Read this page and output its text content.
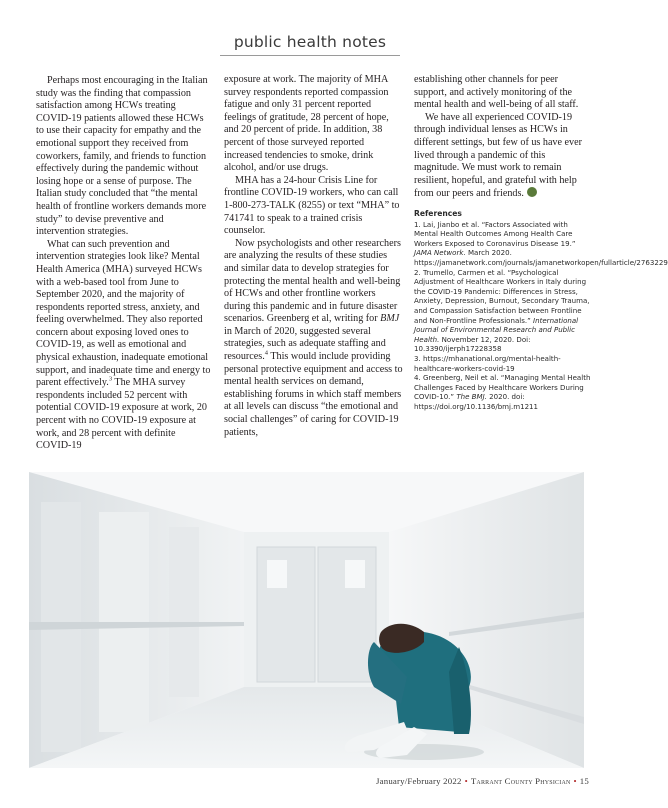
public health notes

Perhaps most encouraging in the Italian study was the finding that compassion satisfaction among HCWs treating COVID-19 patients allowed these HCWs to use their capacity for empathy and the emotional support they received from coworkers, family, and friends to function effectively during the pandemic without losing hope or a sense of purpose. The Italian study concluded that “the mental health of frontline workers demands more study” to devise preventive and intervention strategies.

What can such prevention and intervention strategies look like? Mental Health America (MHA) surveyed HCWs with a web-based tool from June to September 2020, and the majority of respondents reported stress, anxiety, and feeling overwhelmed. They also reported concern about exposing loved ones to COVID-19, as well as emotional and physical exhaustion, inadequate emotional support, and inadequate time and energy to parent effectively.$^3$ The MHA survey respondents included 52 percent with potential COVID-19 exposure at work, 20 percent with no COVID-19 exposure at work, and 28 percent with definite COVID-19

exposure at work. The majority of MHA survey respondents reported compassion fatigue and only 31 percent reported feelings of gratitude, 28 percent of hope, and 20 percent of pride. In addition, 38 percent of those surveyed reported increased tendencies to smoke, drink alcohol, and/or use drugs.

MHA has a 24-hour Crisis Line for frontline COVID-19 workers, who can call 1-800-273-TALK (8255) or text “MHA” to 741741 to speak to a trained crisis counselor.

Now psychologists and other researchers are analyzing the results of these studies and similar data to develop strategies for protecting the mental health and well-being of HCWs and other frontline workers during this pandemic and in future disaster scenarios. Greenberg et al, writing for BMJ in March of 2020, suggested several strategies, such as adequate staffing and resources.$^4$ This would include providing personal protective equipment and access to mental health services on demand, establishing forums in which staff members at all levels can discuss “the emotional and social challenges” of caring for COVID-19 patients,

establishing other channels for peer support, and actively monitoring of the mental health and well-being of all staff.

We have all experienced COVID-19 through individual lenses as HCWs in different settings, but few of us have ever lived through a pandemic of this magnitude. We must work to remain resilient, hopeful, and grateful with help from our peers and friends.+

References

1. Lai, Jianbo et al. “Factors Associated with Mental Health Outcomes Among Health Care Workers Exposed to Coronavirus Disease 19.” JAMA Network. March 2020. https://jamanetwork.com/journals/jamanetworkopen/fullarticle/2763229

2. Trumello, Carmen et al. “Psychological Adjustment of Healthcare Workers in Italy during the COVID-19 Pandemic: Differences in Stress, Anxiety, Depression, Burnout, Secondary Trauma, and Compassion Satisfaction between Frontline and Non-Frontline Professionals.” International Journal of Environmental Research and Public Health. November 12, 2020. Doi: 10.3390/ijerph17228358

3. https://mhanational.org/mental-health-healthcare-workers-covid-19

4. Greenberg, Neil et al. “Managing Mental Health Challenges Faced by Healthcare Workers During COVID-10.” The BMJ. 2020. doi: https://doi.org/10.1136/bmj.m1211

January/February 2022 • Tarrant County Physician • 15
